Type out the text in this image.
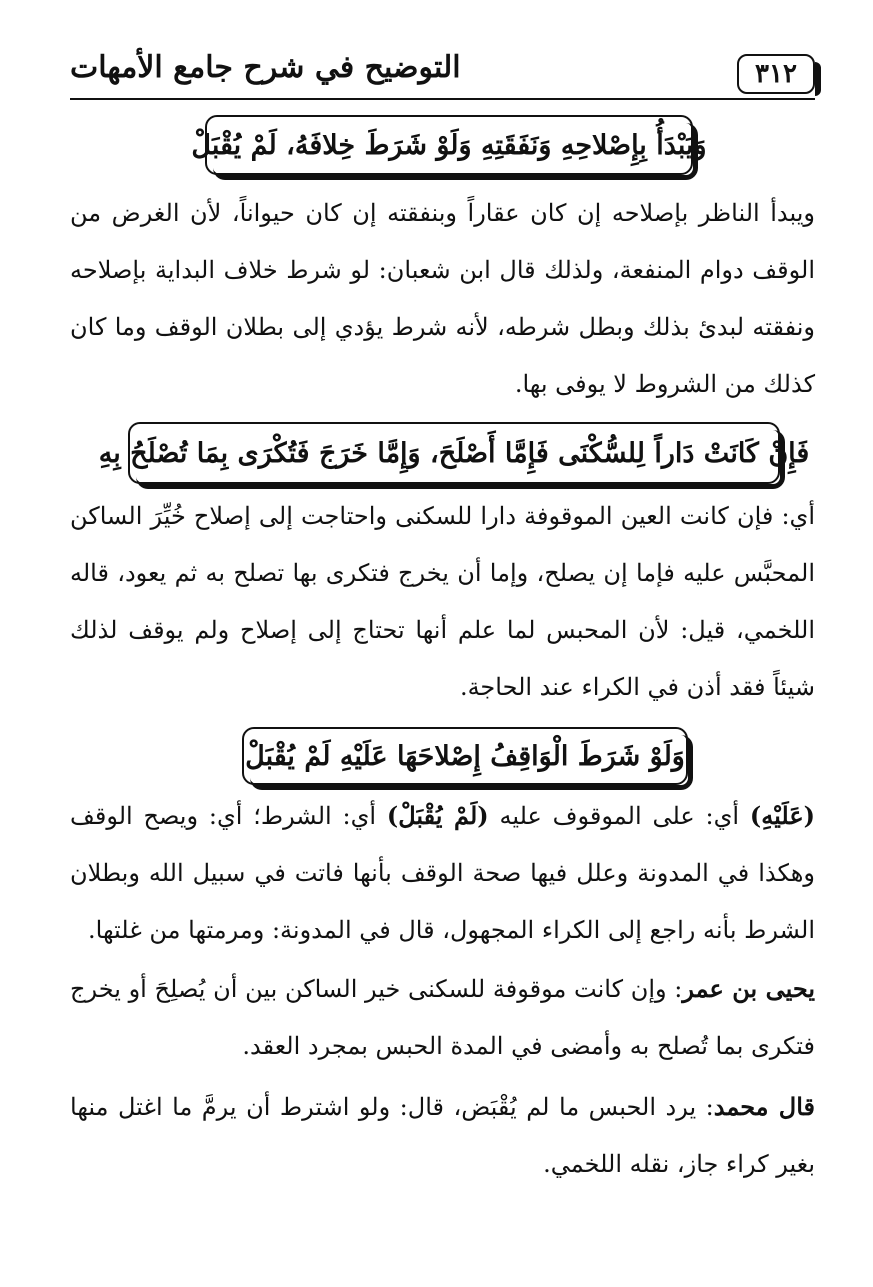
٣١٢
التوضيح في شرح جامع الأمهات
وَيَبْدَأُ بِإِصْلاحِهِ وَنَفَقَتِهِ وَلَوْ شَرَطَ خِلافَهُ، لَمْ يُقْبَلْ

ويبدأ الناظر بإصلاحه إن كان عقاراً وبنفقته إن كان حيواناً، لأن الغرض من الوقف دوام المنفعة، ولذلك قال ابن شعبان: لو شرط خلاف البداية بإصلاحه ونفقته لبدئ بذلك وبطل شرطه، لأنه شرط يؤدي إلى بطلان الوقف وما كان كذلك من الشروط لا يوفى بها.

فَإِنْ كَانَتْ دَاراً لِلسُّكْنَى فَإِمَّا أَصْلَحَ، وَإِمَّا خَرَجَ فَتُكْرَى بِمَا تُصْلَحُ بِهِ

أي: فإن كانت العين الموقوفة دارا للسكنى واحتاجت إلى إصلاح خُيِّرَ الساكن المحبَّس عليه فإما إن يصلح، وإما أن يخرج فتكرى بها تصلح به ثم يعود، قاله اللخمي، قيل: لأن المحبس لما علم أنها تحتاج إلى إصلاح ولم يوقف لذلك شيئاً فقد أذن في الكراء عند الحاجة.

وَلَوْ شَرَطَ الْوَاقِفُ إِصْلاحَهَا عَلَيْهِ لَمْ يُقْبَلْ

(عَلَيْهِ) أي: على الموقوف عليه (لَمْ يُقْبَلْ) أي: الشرط؛ أي: ويصح الوقف وهكذا في المدونة وعلل فيها صحة الوقف بأنها فاتت في سبيل الله وبطلان الشرط بأنه راجع إلى الكراء المجهول، قال في المدونة: ومرمتها من غلتها.

يحيى بن عمر: وإن كانت موقوفة للسكنى خير الساكن بين أن يُصلِحَ أو يخرج فتكرى بما تُصلح به وأمضى في المدة الحبس بمجرد العقد.

قال محمد: يرد الحبس ما لم يُقْبَض، قال: ولو اشترط أن يرمَّ ما اغتل منها بغير كراء جاز، نقله اللخمي.
